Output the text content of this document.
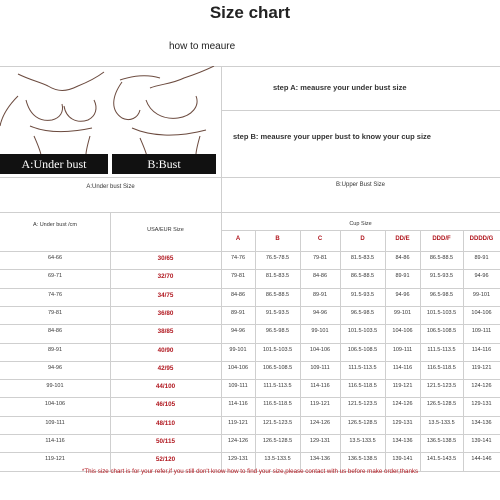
Size chart
how to meaure
A:Under bust	B:Bust
step A: meausre your under bust size
step B: meausre your upper bust to know your cup size
A:Under bust Size	B:Upper Bust Size
A: Under bust /cm
USA/EUR Size
Cup Size
A	B	C	D	DD/E	DDD/F	DDDD/G
64-66	30/65	74-76	76.5-78.5	79-81	81.5-83.5	84-86	86.5-88.5	89-91
69-71	32/70	79-81	81.5-83.5	84-86	86.5-88.5	89-91	91.5-93.5	94-96
74-76	34/75	84-86	86.5-88.5	89-91	91.5-93.5	94-96	96.5-98.5	99-101
79-81	36/80	89-91	91.5-93.5	94-96	96.5-98.5	99-101	101.5-103.5	104-106
84-86	38/85	94-96	96.5-98.5	99-101	101.5-103.5	104-106	106.5-108.5	109-111
89-91	40/90	99-101	101.5-103.5	104-106	106.5-108.5	109-111	111.5-113.5	114-116
94-96	42/95	104-106	106.5-108.5	109-111	111.5-113.5	114-116	116.5-118.5	119-121
99-101	44/100	109-111	111.5-113.5	114-116	116.5-118.5	119-121	121.5-123.5	124-126
104-106	46/105	114-116	116.5-118.5	119-121	121.5-123.5	124-126	126.5-128.5	129-131
109-111	48/110	119-121	121.5-123.5	124-126	126.5-128.5	129-131	13.5-133.5	134-136
114-116	50/115	124-126	126.5-128.5	129-131	13.5-133.5	134-136	136.5-138.5	139-141
119-121	52/120	129-131	13.5-133.5	134-136	136.5-138.5	139-141	141.5-143.5	144-146
*This size chart is for your refer,if you still don't know how to find your size,please contact with us before make order,thanks
